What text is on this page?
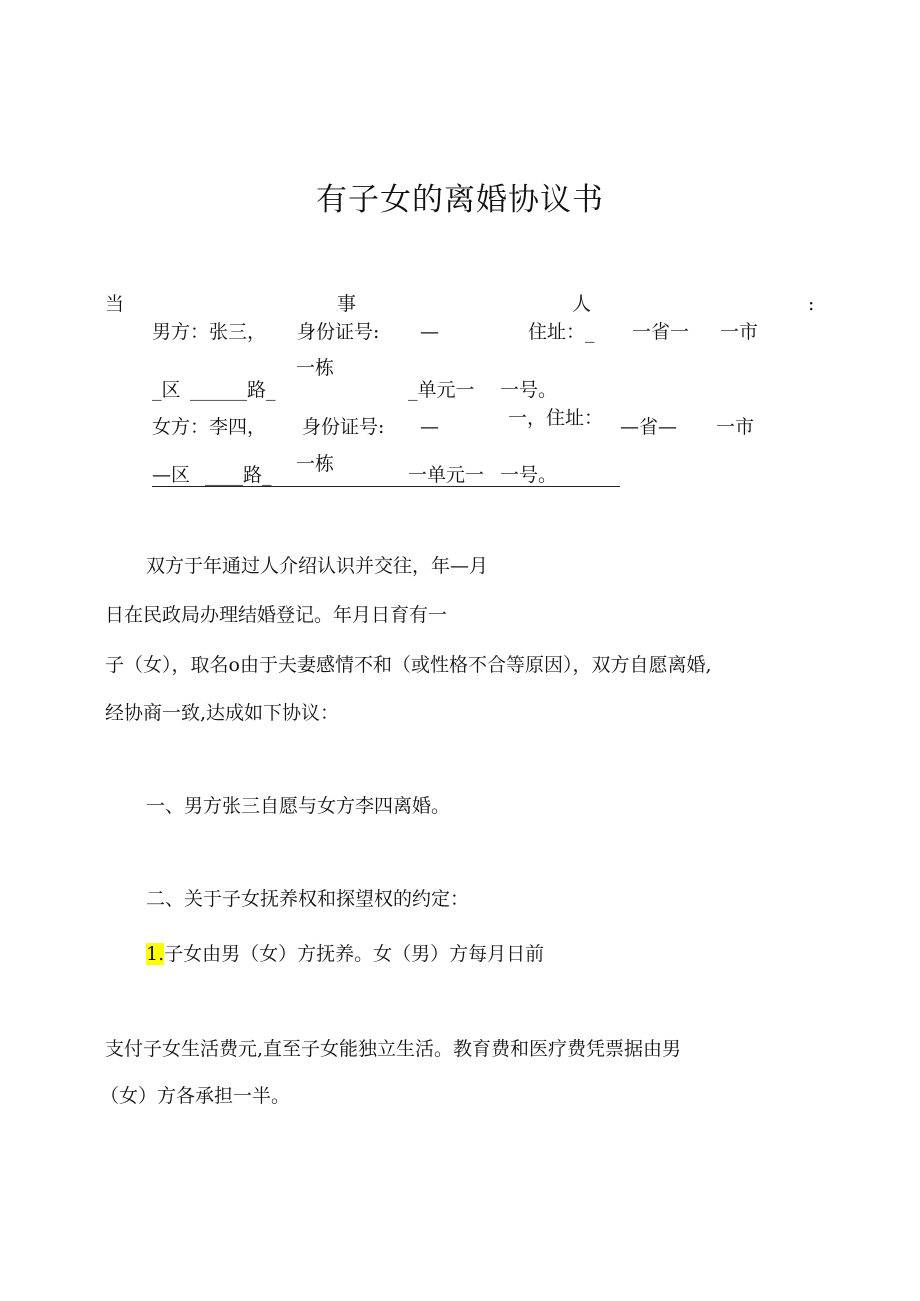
有子女的离婚协议书
当	事	人	:
男方：张三， 身份证号: —	住址：_ 一省一 一市
一栋
_区 ______路_	_单元一 一号。
一，住址：
女方：李四， 身份证号: —	—省— 一市
一栋
—区 ____路_	一单元一 一号。
双方于年通过人介绍认识并交往，年—月
日在民政局办理结婚登记。年月日育有一
子（女），取名o由于夫妻感情不和（或性格不合等原因），双方自愿离婚,
经协商一致,达成如下协议：
一、男方张三自愿与女方李四离婚。
二、关于子女抚养权和探望权的约定：
1.子女由男（女）方抚养。女（男）方每月日前
支付子女生活费元,直至子女能独立生活。教育费和医疗费凭票据由男
（女）方各承担一半。
